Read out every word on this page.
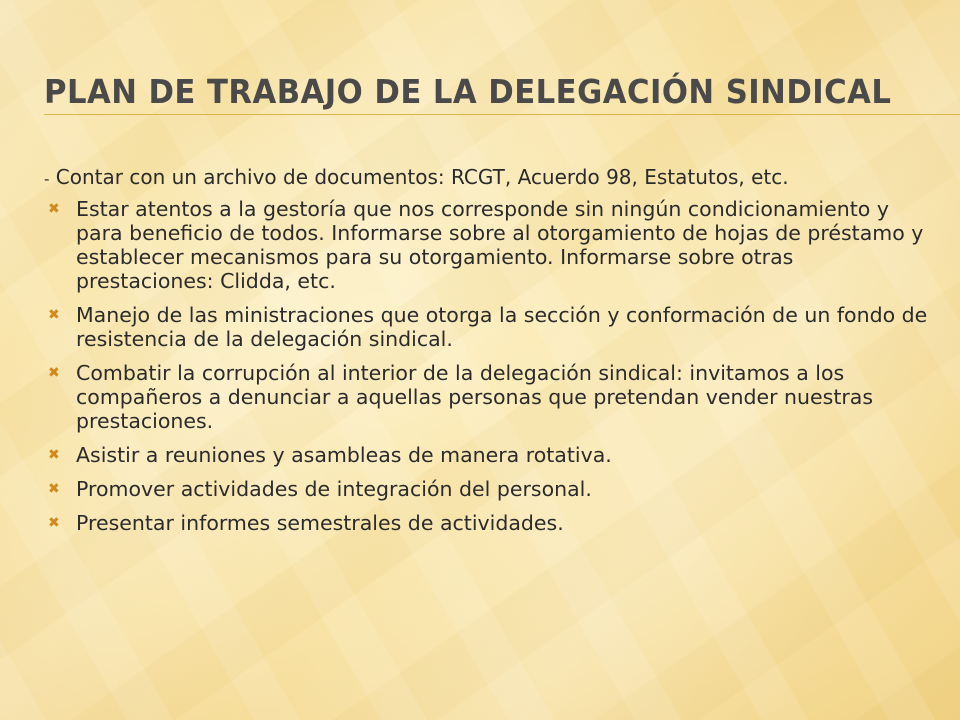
PLAN DE TRABAJO DE LA DELEGACIÓN SINDICAL

- Contar con un archivo de documentos: RCGT, Acuerdo 98, Estatutos, etc.

✖ Estar atentos a la gestoría que nos corresponde sin ningún condicionamiento y para beneficio de todos. Informarse sobre al otorgamiento de hojas de préstamo y establecer mecanismos para su otorgamiento. Informarse sobre otras prestaciones: Clidda, etc.
✖ Manejo de las ministraciones que otorga la sección y conformación de un fondo de resistencia de la delegación sindical.
✖ Combatir la corrupción al interior de la delegación sindical: invitamos a los compañeros a denunciar a aquellas personas que pretendan vender nuestras prestaciones.
✖ Asistir a reuniones y asambleas de manera rotativa.
✖ Promover actividades de integración del personal.
✖ Presentar informes semestrales de actividades.
